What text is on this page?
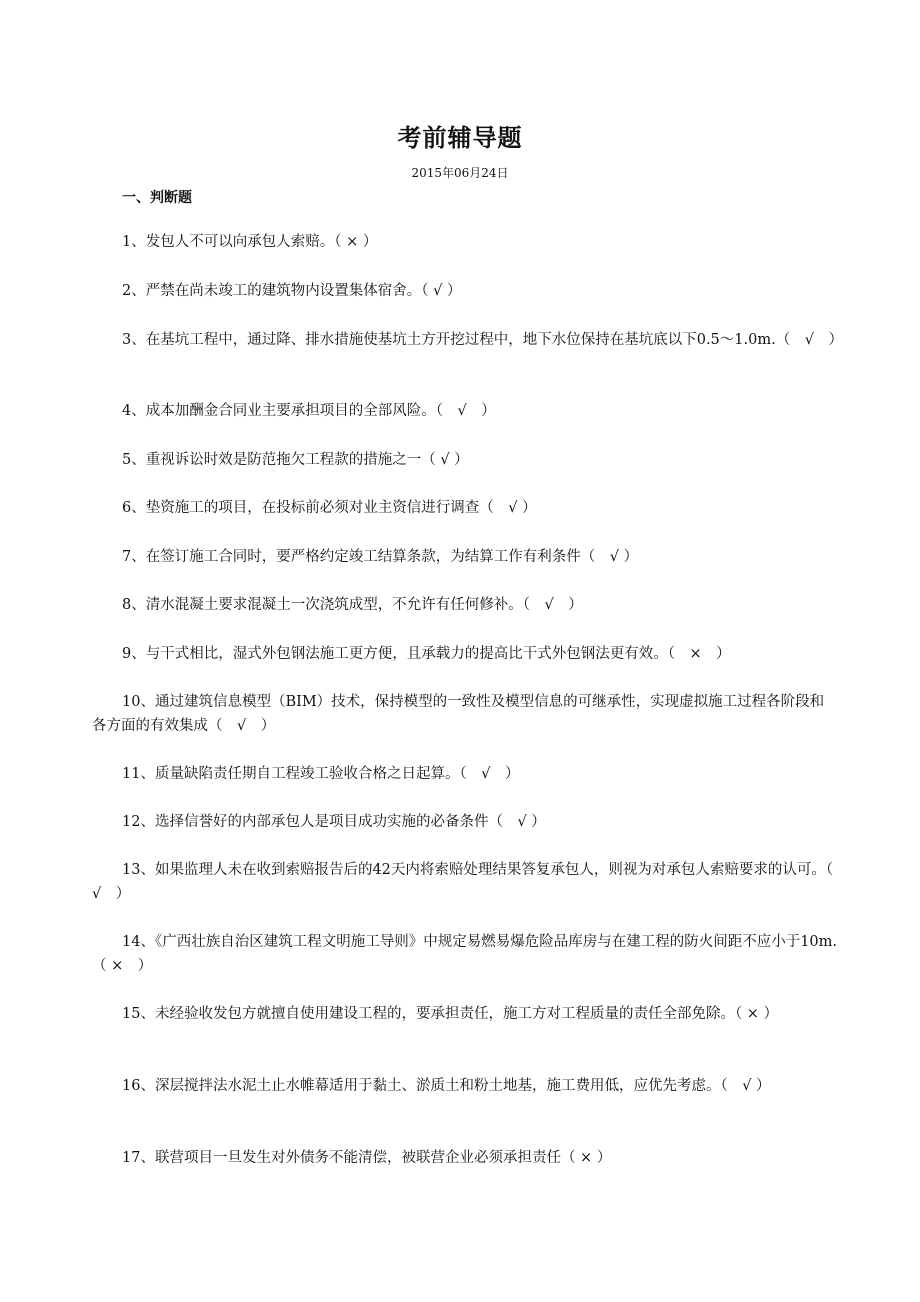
考前辅导题
2015年06月24日
一、判断题

1、发包人不可以向承包人索赔。（ × ）

2、严禁在尚未竣工的建筑物内设置集体宿舍。（ √ ）

3、在基坑工程中，通过降、排水措施使基坑土方开挖过程中，地下水位保持在基坑底以下0.5～1.0m.（　√　）

4、成本加酬金合同业主要承担项目的全部风险。（　√　）

5、重视诉讼时效是防范拖欠工程款的措施之一（ √ ）

6、垫资施工的项目，在投标前必须对业主资信进行调查（　√ ）

7、在签订施工合同时，要严格约定竣工结算条款，为结算工作有利条件（　√ ）

8、清水混凝土要求混凝土一次浇筑成型，不允许有任何修补。（　√　）

9、与干式相比，湿式外包钢法施工更方便，且承载力的提高比干式外包钢法更有效。（　×　）

10、通过建筑信息模型（BIM）技术，保持模型的一致性及模型信息的可继承性，实现虚拟施工过程各阶段和各方面的有效集成（　√　）

11、质量缺陷责任期自工程竣工验收合格之日起算。（　√　）

12、选择信誉好的内部承包人是项目成功实施的必备条件（　√ ）

13、如果监理人未在收到索赔报告后的42天内将索赔处理结果答复承包人，则视为对承包人索赔要求的认可。（　√　）

14、《广西壮族自治区建筑工程文明施工导则》中规定易燃易爆危险品库房与在建工程的防火间距不应小于10m.（ ×　）

15、未经验收发包方就擅自使用建设工程的，要承担责任，施工方对工程质量的责任全部免除。（ × ）

16、深层搅拌法水泥土止水帷幕适用于黏土、淤质土和粉土地基，施工费用低，应优先考虑。（　√ ）

17、联营项目一旦发生对外债务不能清偿，被联营企业必须承担责任（ × ）
